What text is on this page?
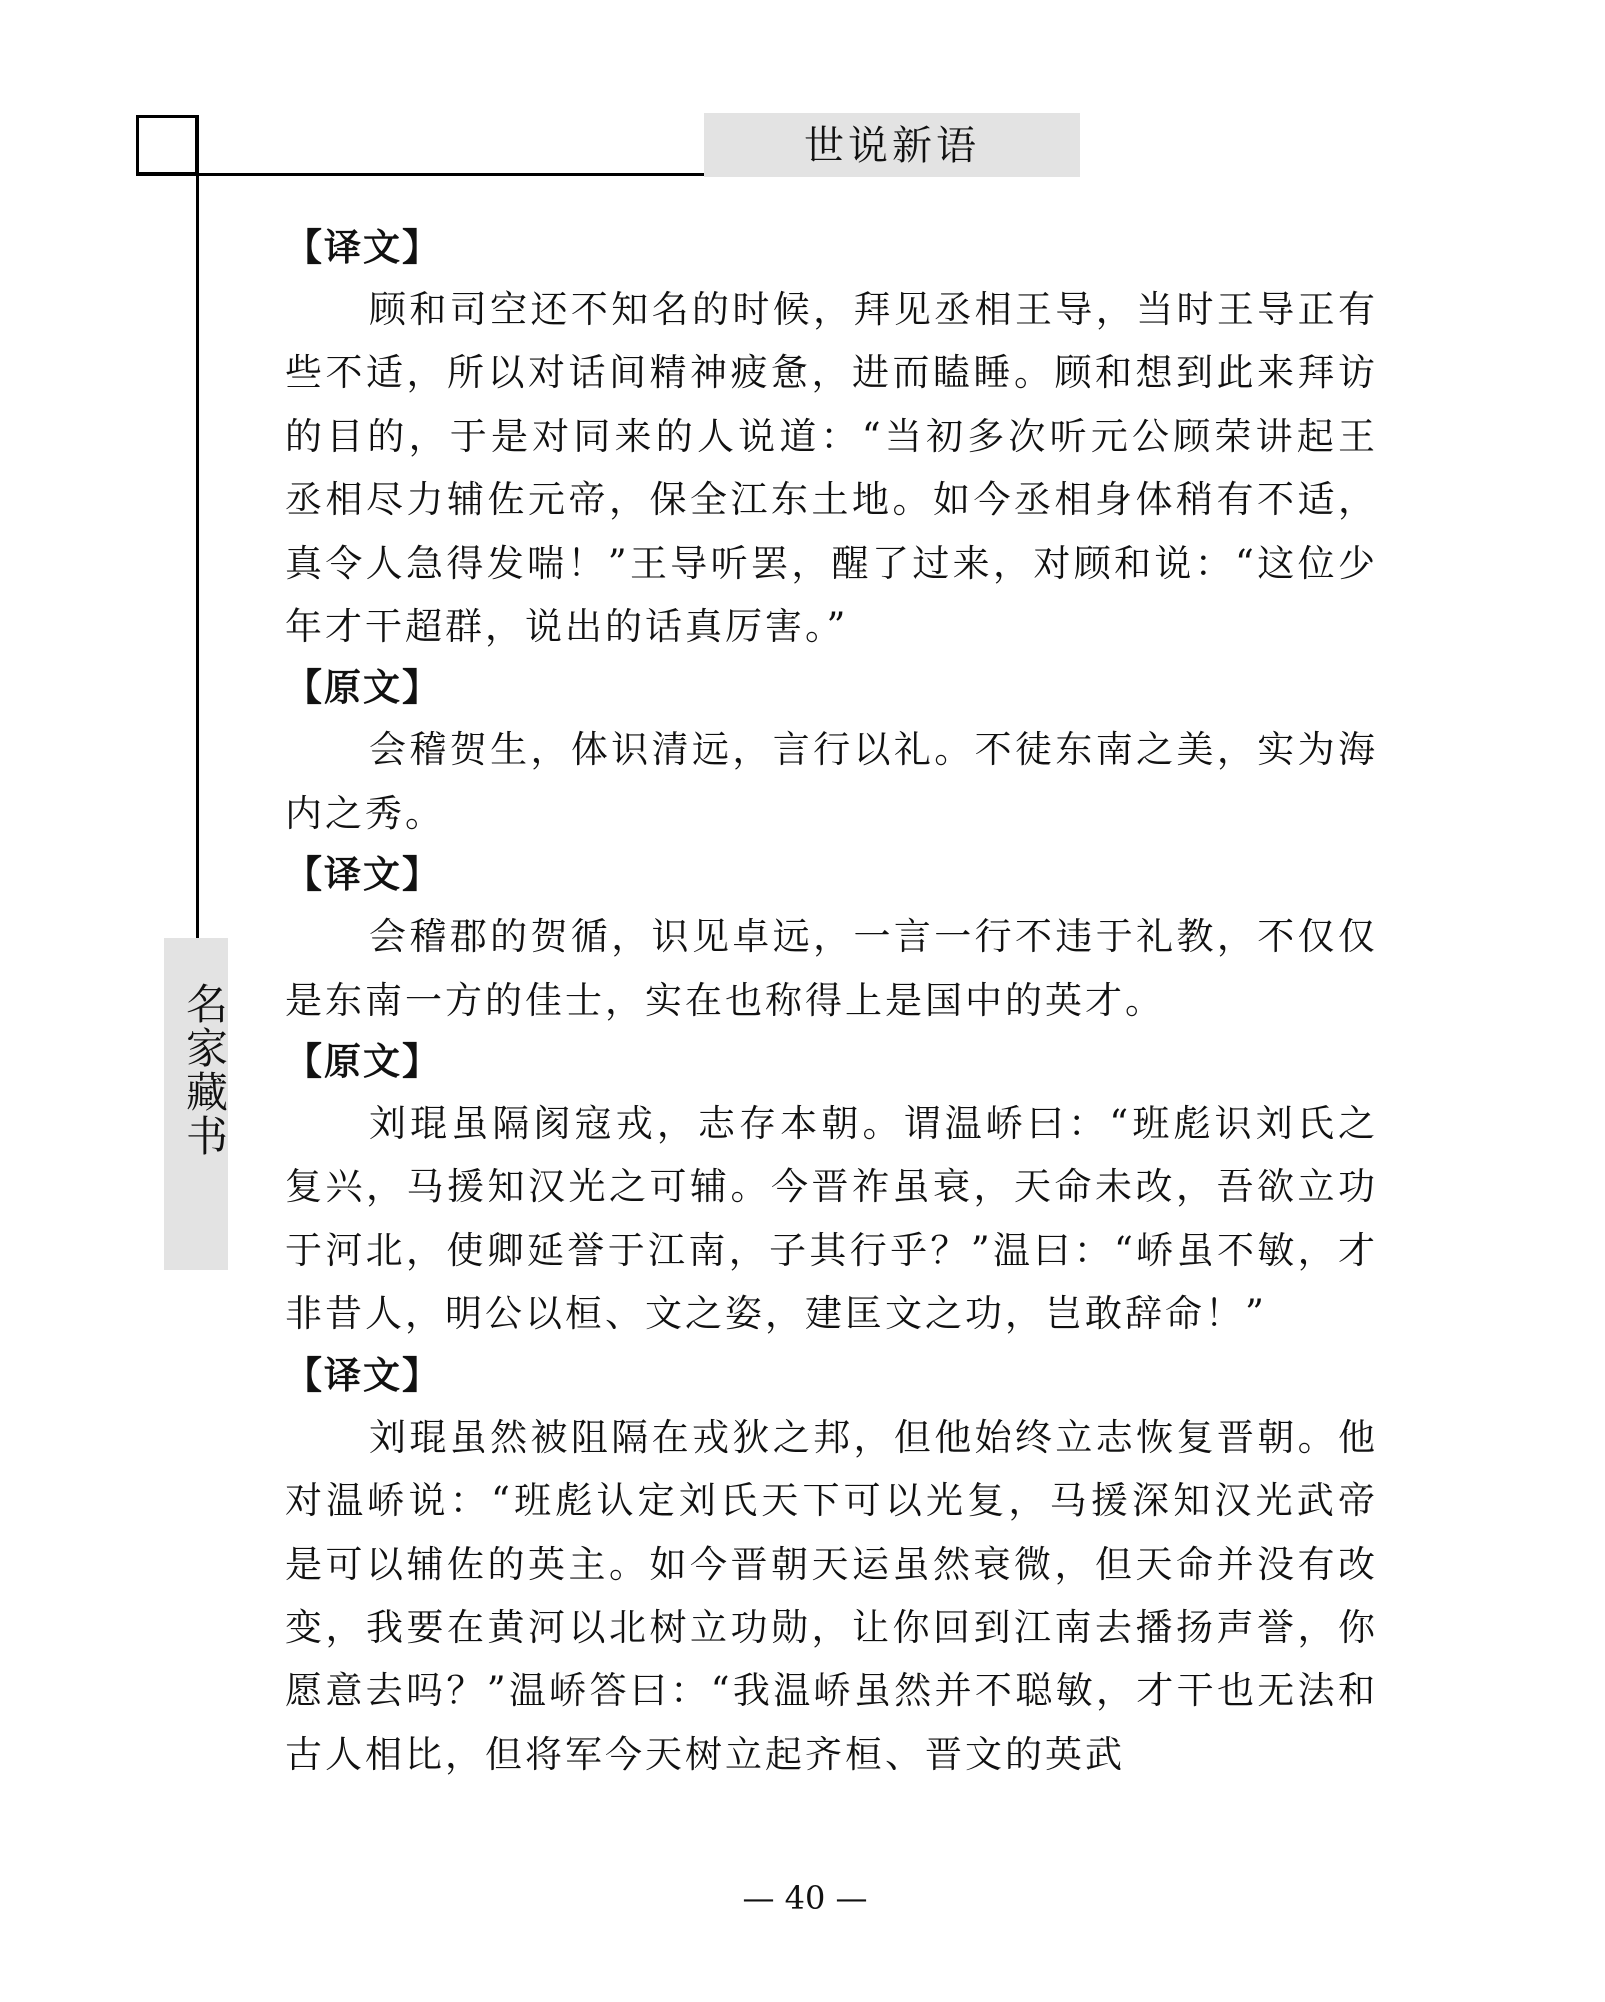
世说新语
名家藏书

【译文】

顾和司空还不知名的时候，拜见丞相王导，当时王导正有些不适，所以对话间精神疲惫，进而瞌睡。顾和想到此来拜访的目的，于是对同来的人说道：“当初多次听元公顾荣讲起王丞相尽力辅佐元帝，保全江东土地。如今丞相身体稍有不适，真令人急得发喘！”王导听罢，醒了过来，对顾和说：“这位少年才干超群，说出的话真厉害。”

【原文】

会稽贺生，体识清远，言行以礼。不徒东南之美，实为海内之秀。

【译文】

会稽郡的贺循，识见卓远，一言一行不违于礼教，不仅仅是东南一方的佳士，实在也称得上是国中的英才。

【原文】

刘琨虽隔阂寇戎，志存本朝。谓温峤曰：“班彪识刘氏之复兴，马援知汉光之可辅。今晋祚虽衰，天命未改，吾欲立功于河北，使卿延誉于江南，子其行乎？”温曰：“峤虽不敏，才非昔人，明公以桓、文之姿，建匡文之功，岂敢辞命！”

【译文】

刘琨虽然被阻隔在戎狄之邦，但他始终立志恢复晋朝。他对温峤说：“班彪认定刘氏天下可以光复，马援深知汉光武帝是可以辅佐的英主。如今晋朝天运虽然衰微，但天命并没有改变，我要在黄河以北树立功勋，让你回到江南去播扬声誉，你愿意去吗？”温峤答曰：“我温峤虽然并不聪敏，才干也无法和古人相比，但将军今天树立起齐桓、晋文的英武

— 40 —
